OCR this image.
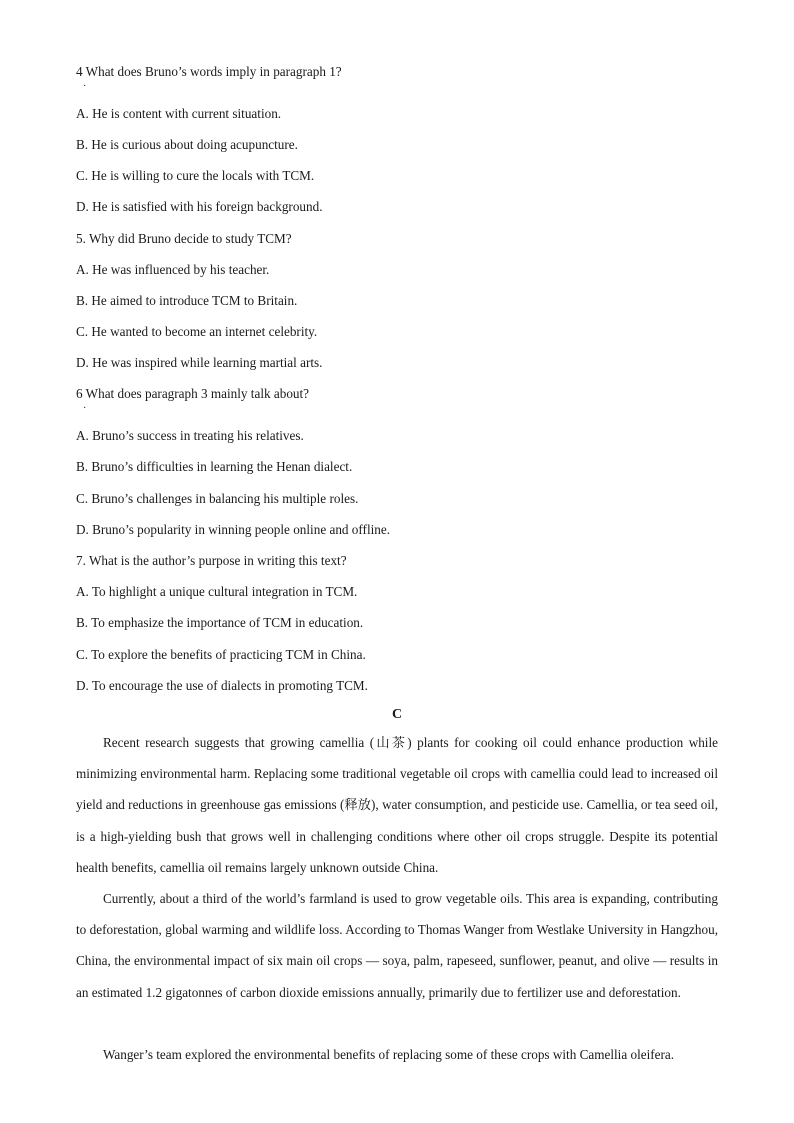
4 What does Bruno’s words imply in paragraph 1?
·
A. He is content with current situation.
B. He is curious about doing acupuncture.
C. He is willing to cure the locals with TCM.
D. He is satisfied with his foreign background.
5. Why did Bruno decide to study TCM?
A. He was influenced by his teacher.
B. He aimed to introduce TCM to Britain.
C. He wanted to become an internet celebrity.
D. He was inspired while learning martial arts.
6 What does paragraph 3 mainly talk about?
·
A. Bruno’s success in treating his relatives.
B. Bruno’s difficulties in learning the Henan dialect.
C. Bruno’s challenges in balancing his multiple roles.
D. Bruno’s popularity in winning people online and offline.
7. What is the author’s purpose in writing this text?
A. To highlight a unique cultural integration in TCM.
B. To emphasize the importance of TCM in education.
C. To explore the benefits of practicing TCM in China.
D. To encourage the use of dialects in promoting TCM.
C
Recent research suggests that growing camellia (山茶) plants for cooking oil could enhance production while minimizing environmental harm. Replacing some traditional vegetable oil crops with camellia could lead to increased oil yield and reductions in greenhouse gas emissions (释放), water consumption, and pesticide use. Camellia, or tea seed oil, is a high-yielding bush that grows well in challenging conditions where other oil crops struggle. Despite its potential health benefits, camellia oil remains largely unknown outside China.
Currently, about a third of the world’s farmland is used to grow vegetable oils. This area is expanding, contributing to deforestation, global warming and wildlife loss. According to Thomas Wanger from Westlake University in Hangzhou, China, the environmental impact of six main oil crops — soya, palm, rapeseed, sunflower, peanut, and olive — results in an estimated 1.2 gigatonnes of carbon dioxide emissions annually, primarily due to fertilizer use and deforestation.
Wanger’s team explored the environmental benefits of replacing some of these crops with Camellia oleifera.
